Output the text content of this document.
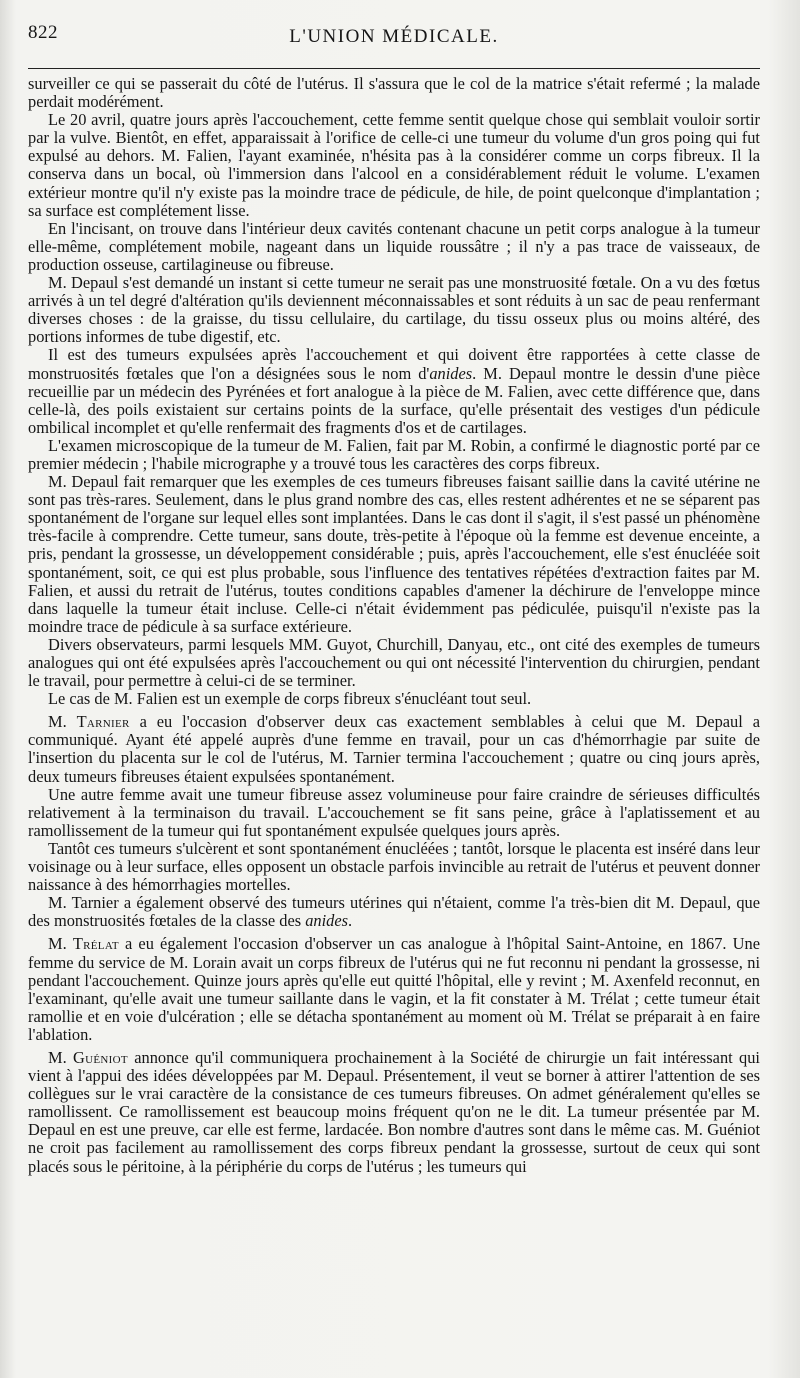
822	L'UNION MÉDICALE.

surveiller ce qui se passerait du côté de l'utérus. Il s'assura que le col de la matrice s'était refermé ; la malade perdait modérément.

Le 20 avril, quatre jours après l'accouchement, cette femme sentit quelque chose qui semblait vouloir sortir par la vulve. Bientôt, en effet, apparaissait à l'orifice de celle-ci une tumeur du volume d'un gros poing qui fut expulsé au dehors. M. Falien, l'ayant examinée, n'hésita pas à la considérer comme un corps fibreux. Il la conserva dans un bocal, où l'immersion dans l'alcool en a considérablement réduit le volume. L'examen extérieur montre qu'il n'y existe pas la moindre trace de pédicule, de hile, de point quelconque d'implantation ; sa surface est complétement lisse.

En l'incisant, on trouve dans l'intérieur deux cavités contenant chacune un petit corps analogue à la tumeur elle-même, complétement mobile, nageant dans un liquide roussâtre ; il n'y a pas trace de vaisseaux, de production osseuse, cartilagineuse ou fibreuse.

M. Depaul s'est demandé un instant si cette tumeur ne serait pas une monstruosité fœtale. On a vu des fœtus arrivés à un tel degré d'altération qu'ils deviennent méconnaissables et sont réduits à un sac de peau renfermant diverses choses : de la graisse, du tissu cellulaire, du cartilage, du tissu osseux plus ou moins altéré, des portions informes de tube digestif, etc.

Il est des tumeurs expulsées après l'accouchement et qui doivent être rapportées à cette classe de monstruosités fœtales que l'on a désignées sous le nom d'anides. M. Depaul montre le dessin d'une pièce recueillie par un médecin des Pyrénées et fort analogue à la pièce de M. Falien, avec cette différence que, dans celle-là, des poils existaient sur certains points de la surface, qu'elle présentait des vestiges d'un pédicule ombilical incomplet et qu'elle renfermait des fragments d'os et de cartilages.

L'examen microscopique de la tumeur de M. Falien, fait par M. Robin, a confirmé le diagnostic porté par ce premier médecin ; l'habile micrographe y a trouvé tous les caractères des corps fibreux.

M. Depaul fait remarquer que les exemples de ces tumeurs fibreuses faisant saillie dans la cavité utérine ne sont pas très-rares. Seulement, dans le plus grand nombre des cas, elles restent adhérentes et ne se séparent pas spontanément de l'organe sur lequel elles sont implantées. Dans le cas dont il s'agit, il s'est passé un phénomène très-facile à comprendre. Cette tumeur, sans doute, très-petite à l'époque où la femme est devenue enceinte, a pris, pendant la grossesse, un développement considérable ; puis, après l'accouchement, elle s'est énucléée soit spontanément, soit, ce qui est plus probable, sous l'influence des tentatives répétées d'extraction faites par M. Falien, et aussi du retrait de l'utérus, toutes conditions capables d'amener la déchirure de l'enveloppe mince dans laquelle la tumeur était incluse. Celle-ci n'était évidemment pas pédiculée, puisqu'il n'existe pas la moindre trace de pédicule à sa surface extérieure.

Divers observateurs, parmi lesquels MM. Guyot, Churchill, Danyau, etc., ont cité des exemples de tumeurs analogues qui ont été expulsées après l'accouchement ou qui ont nécessité l'intervention du chirurgien, pendant le travail, pour permettre à celui-ci de se terminer.

Le cas de M. Falien est un exemple de corps fibreux s'énucléant tout seul.

M. Tarnier a eu l'occasion d'observer deux cas exactement semblables à celui que M. Depaul a communiqué. Ayant été appelé auprès d'une femme en travail, pour un cas d'hémorrhagie par suite de l'insertion du placenta sur le col de l'utérus, M. Tarnier termina l'accouchement ; quatre ou cinq jours après, deux tumeurs fibreuses étaient expulsées spontanément.

Une autre femme avait une tumeur fibreuse assez volumineuse pour faire craindre de sérieuses difficultés relativement à la terminaison du travail. L'accouchement se fit sans peine, grâce à l'aplatissement et au ramollissement de la tumeur qui fut spontanément expulsée quelques jours après.

Tantôt ces tumeurs s'ulcèrent et sont spontanément énucléées ; tantôt, lorsque le placenta est inséré dans leur voisinage ou à leur surface, elles opposent un obstacle parfois invincible au retrait de l'utérus et peuvent donner naissance à des hémorrhagies mortelles.

M. Tarnier a également observé des tumeurs utérines qui n'étaient, comme l'a très-bien dit M. Depaul, que des monstruosités fœtales de la classe des anides.

M. Trélat a eu également l'occasion d'observer un cas analogue à l'hôpital Saint-Antoine, en 1867. Une femme du service de M. Lorain avait un corps fibreux de l'utérus qui ne fut reconnu ni pendant la grossesse, ni pendant l'accouchement. Quinze jours après qu'elle eut quitté l'hôpital, elle y revint ; M. Axenfeld reconnut, en l'examinant, qu'elle avait une tumeur saillante dans le vagin, et la fit constater à M. Trélat ; cette tumeur était ramollie et en voie d'ulcération ; elle se détacha spontanément au moment où M. Trélat se préparait à en faire l'ablation.

M. Guéniot annonce qu'il communiquera prochainement à la Société de chirurgie un fait intéressant qui vient à l'appui des idées développées par M. Depaul. Présentement, il veut se borner à attirer l'attention de ses collègues sur le vrai caractère de la consistance de ces tumeurs fibreuses. On admet généralement qu'elles se ramollissent. Ce ramollissement est beaucoup moins fréquent qu'on ne le dit. La tumeur présentée par M. Depaul en est une preuve, car elle est ferme, lardacée. Bon nombre d'autres sont dans le même cas. M. Guéniot ne croit pas facilement au ramollissement des corps fibreux pendant la grossesse, surtout de ceux qui sont placés sous le péritoine, à la périphérie du corps de l'utérus ; les tumeurs qui
